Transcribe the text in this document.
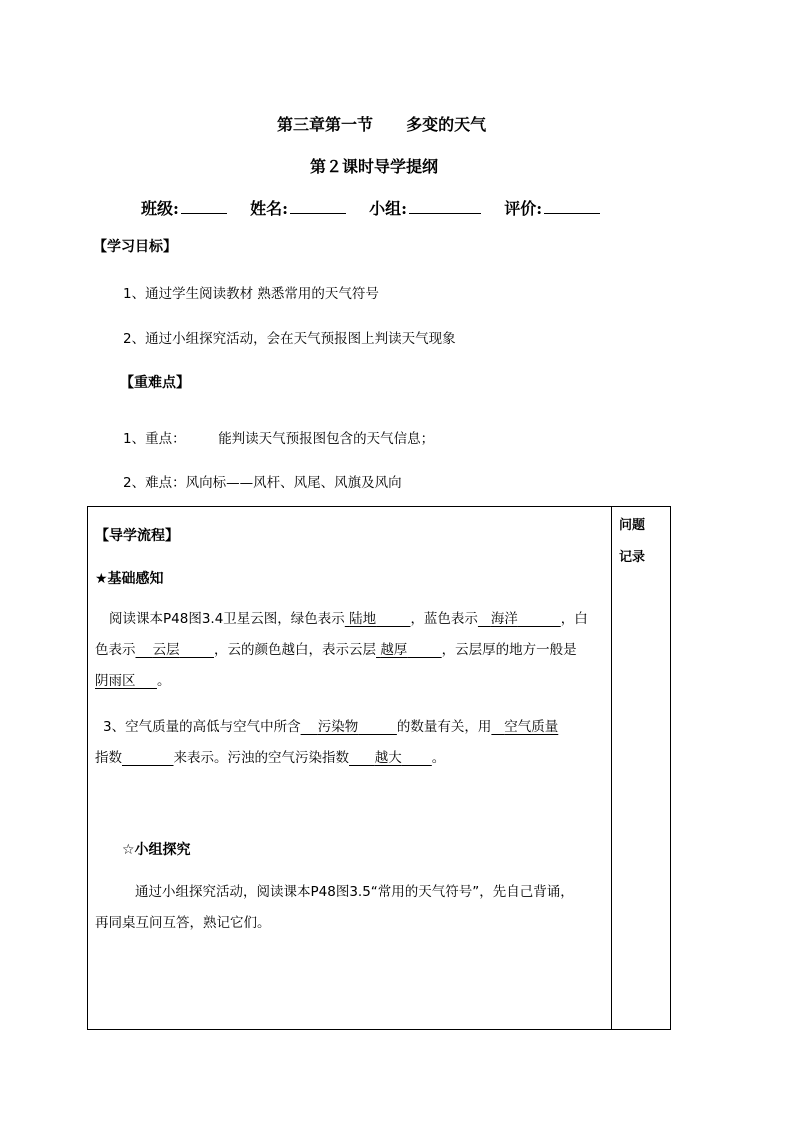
第三章第一节 多变的天气
第２课时导学提纲
班级:	姓名:	小组:	评价:
【学习目标】
1、通过学生阅读教材 熟悉常用的天气符号
2、通过小组探究活动，会在天气预报图上判读天气现象
【重难点】
1、重点： 能判读天气预报图包含的天气信息；
2、难点：风向标——风杆、风尾、风旗及风向
【导学流程】
★基础感知
阅读课本P48图3.4卫星云图，绿色表示 陆地	，蓝色表示 海洋	，白
色表示 云层	，云的颜色越白，表示云层 越厚	，云层厚的地方一般是
阴雨区 。
3、空气质量的高低与空气中所含 污染物	的数量有关，用 空气质量
指数	来表示。污浊的空气污染指数 越大 。
☆小组探究
通过小组探究活动，阅读课本P48图3.5“常用的天气符号”，先自己背诵，
再同桌互问互答，熟记它们。
问题
记录
